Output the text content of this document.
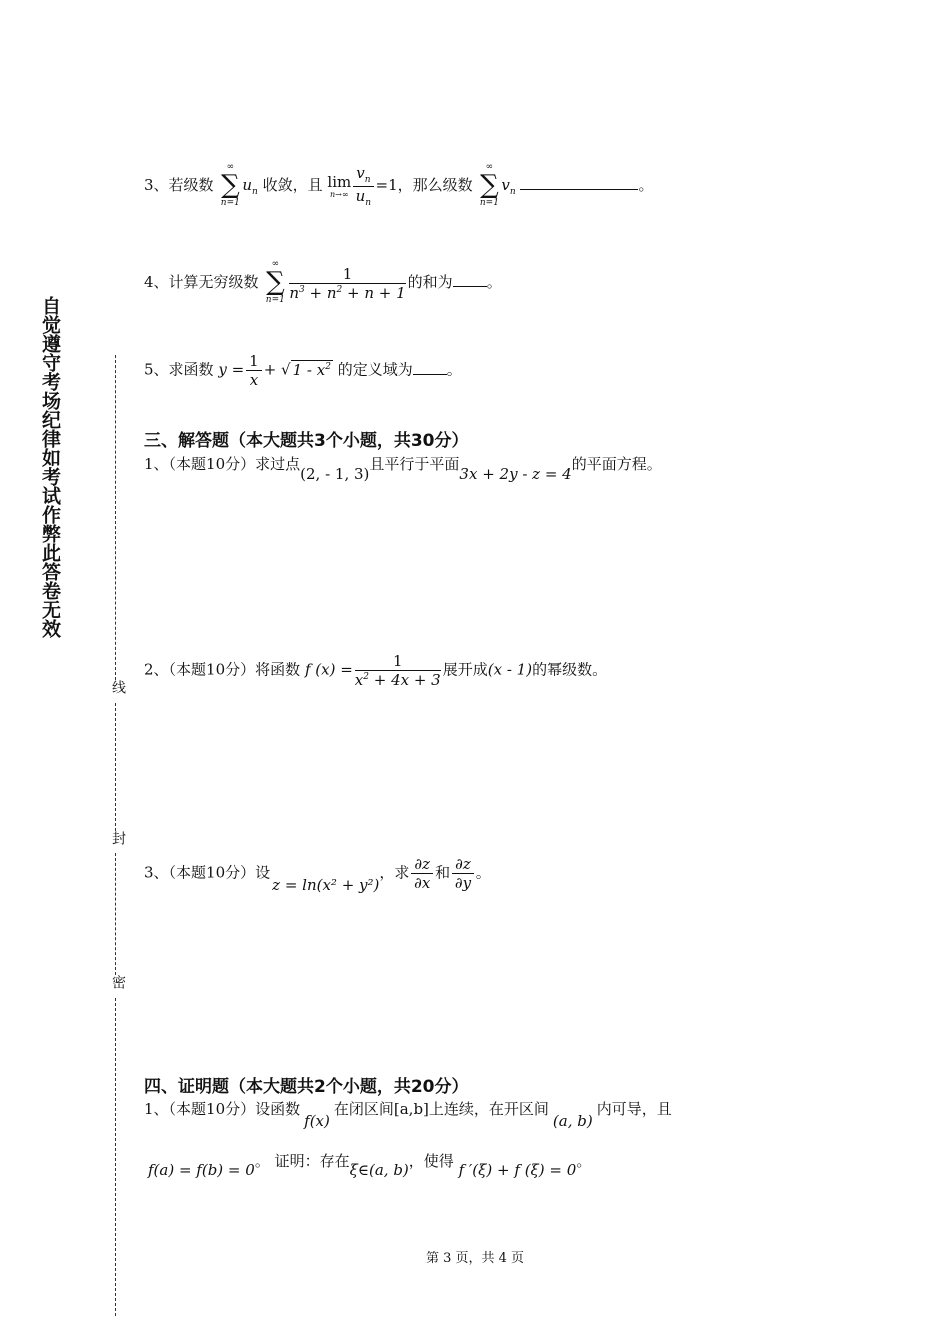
自觉遵守考场纪律如考试作弊此答卷无效
线
封
密
3、若级数
∞
∑
n=1
$u_n$ 收敛，且 lim
$n\to\infty \frac{v_n}{u_n} =1$，那么级数
∞
∑
n=1
$v_n$	。
4、计算无穷级数
∞
∑
$n=1 \frac{1}{n^3 + n^2 + n + 1}$ 的和为 。
5、求函数 $y = \frac{1}{x}$ + √ $1 - x^2$ 的定义域为 。
三、解答题（本大题共3个小题，共30分）
1、（本题10分）求过点(2, - 1, 3)且平行于平面3x + 2y - z = 4的平面方程。
2、（本题10分）将函数 f $(x) = \frac{1}{x^2 + 4x + 3}$ 展开成(x - 1)的幂级数。
3、（本题10分）设z = ln(x² + y²)，求 $\frac{\partial z}{\partial x}$ 和 $\frac{\partial z}{\partial y}$ 。
四、证明题（本大题共2个小题，共20分）
1、（本题10分）设函数f(x)在闭区间[a,b]上连续，在开区间(a, b)内可导，且
f(a) = f(b) = 0。 证明：存在ξ∈(a, b)，使得 f ′(ξ) + f (ξ) = 0。
第 3 页，共 4 页
